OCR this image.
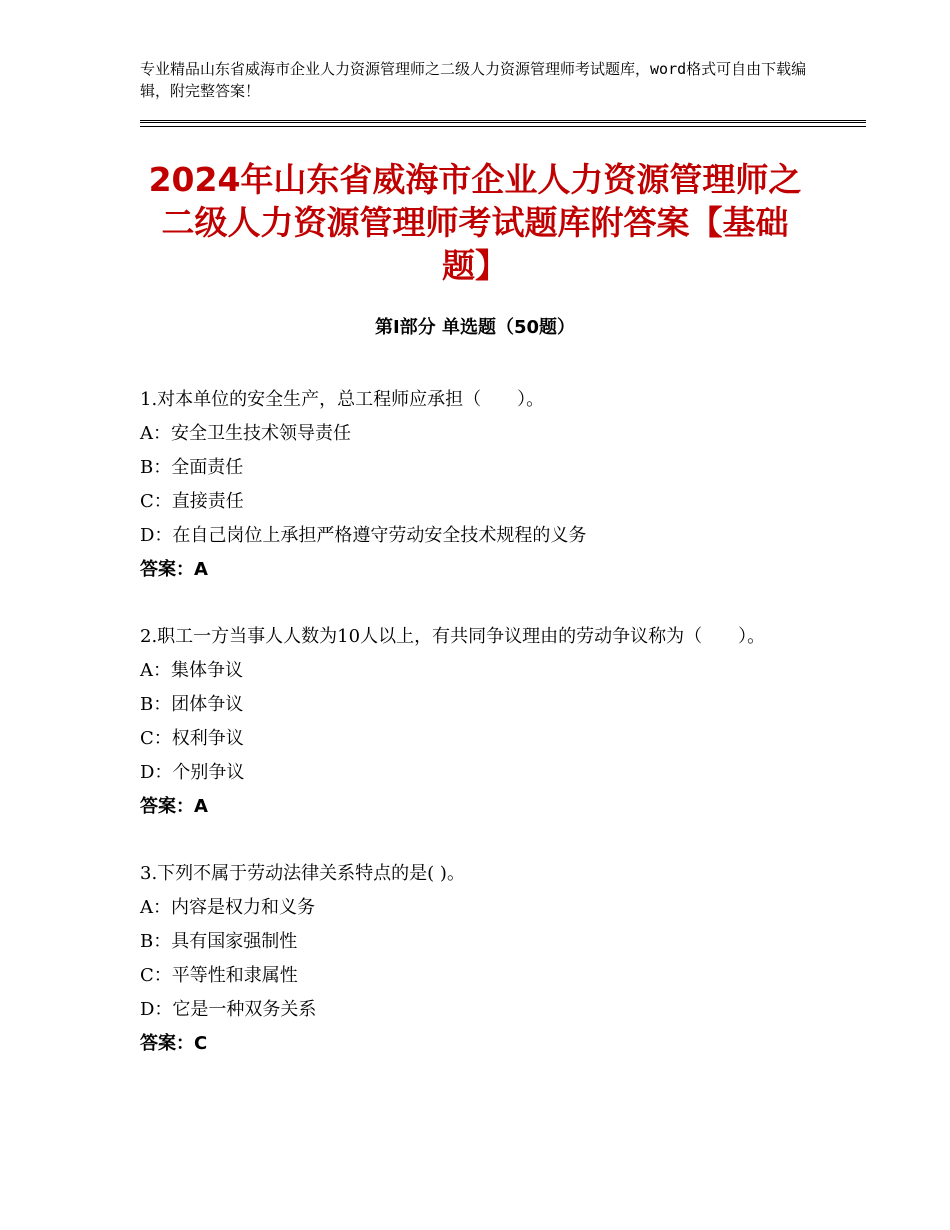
专业精品山东省威海市企业人力资源管理师之二级人力资源管理师考试题库，word格式可自由下载编辑，附完整答案！
2024年山东省威海市企业人力资源管理师之二级人力资源管理师考试题库附答案【基础题】
第Ⅰ部分 单选题（50题）
1.对本单位的安全生产，总工程师应承担（　　）。
A：安全卫生技术领导责任
B：全面责任
C：直接责任
D：在自己岗位上承担严格遵守劳动安全技术规程的义务
答案：A
2.职工一方当事人人数为10人以上，有共同争议理由的劳动争议称为（　　）。
A：集体争议
B：团体争议
C：权利争议
D：个别争议
答案：A
3.下列不属于劳动法律关系特点的是( )。
A：内容是权力和义务
B：具有国家强制性
C：平等性和隶属性
D：它是一种双务关系
答案：C
